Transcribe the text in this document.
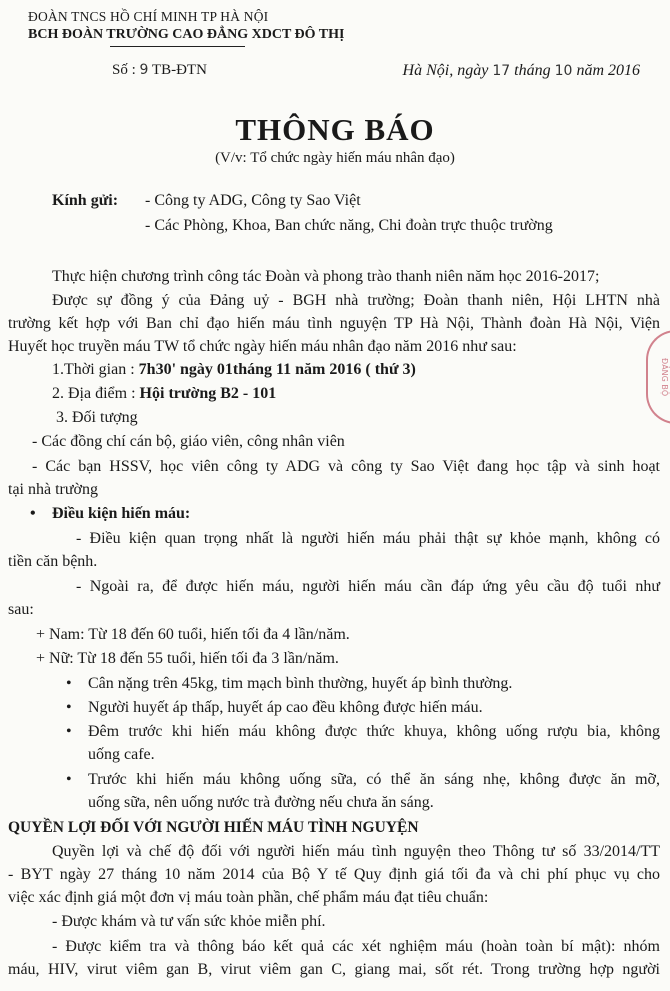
ĐOÀN TNCS HỒ CHÍ MINH TP HÀ NỘI
BCH ĐOÀN TRƯỜNG CAO ĐẲNG XDCT ĐÔ THỊ
Số : 9 TB-ĐTN	Hà Nội, ngày 17 tháng 10 năm 2016
THÔNG BÁO
(V/v: Tổ chức ngày hiến máu nhân đạo)
Kính gửi: - Công ty ADG, Công ty Sao Việt
- Các Phòng, Khoa, Ban chức năng, Chi đoàn trực thuộc trường
Thực hiện chương trình công tác Đoàn và phong trào thanh niên năm học 2016-2017;
Được sự đồng ý của Đảng uỷ - BGH nhà trường; Đoàn thanh niên, Hội LHTN nhà
trường kết hợp với Ban chỉ đạo hiến máu tình nguyện TP Hà Nội, Thành đoàn Hà Nội, Viện
Huyết học truyền máu TW tổ chức ngày hiến máu nhân đạo năm 2016 như sau:
1.Thời gian : 7h30' ngày 01tháng 11 năm 2016 ( thứ 3)
2. Địa điểm : Hội trường B2 - 101
3. Đối tượng
- Các đồng chí cán bộ, giáo viên, công nhân viên
- Các bạn HSSV, học viên công ty ADG và công ty Sao Việt đang học tập và sinh hoạt
tại nhà trường
• Điều kiện hiến máu:
- Điều kiện quan trọng nhất là người hiến máu phải thật sự khỏe mạnh, không có
tiền căn bệnh.
- Ngoài ra, để được hiến máu, người hiến máu cần đáp ứng yêu cầu độ tuổi như
sau:
+ Nam: Từ 18 đến 60 tuổi, hiến tối đa 4 lần/năm.
+ Nữ: Từ 18 đến 55 tuổi, hiến tối đa 3 lần/năm.
• Cân nặng trên 45kg, tim mạch bình thường, huyết áp bình thường.
• Người huyết áp thấp, huyết áp cao đều không được hiến máu.
• Đêm trước khi hiến máu không được thức khuya, không uống rượu bia, không
uống cafe.
• Trước khi hiến máu không uống sữa, có thể ăn sáng nhẹ, không được ăn mỡ,
uống sữa, nên uống nước trà đường nếu chưa ăn sáng.
QUYỀN LỢI ĐỐI VỚI NGƯỜI HIẾN MÁU TÌNH NGUYỆN
Quyền lợi và chế độ đối với người hiến máu tình nguyện theo Thông tư số 33/2014/TT
- BYT ngày 27 tháng 10 năm 2014 của Bộ Y tế Quy định giá tối đa và chi phí phục vụ cho
việc xác định giá một đơn vị máu toàn phần, chế phẩm máu đạt tiêu chuẩn:
- Được khám và tư vấn sức khỏe miễn phí.
- Được kiểm tra và thông báo kết quả các xét nghiệm máu (hoàn toàn bí mật): nhóm
máu, HIV, virut viêm gan B, virut viêm gan C, giang mai, sốt rét. Trong trường hợp người
ĐẢNG BỘ
